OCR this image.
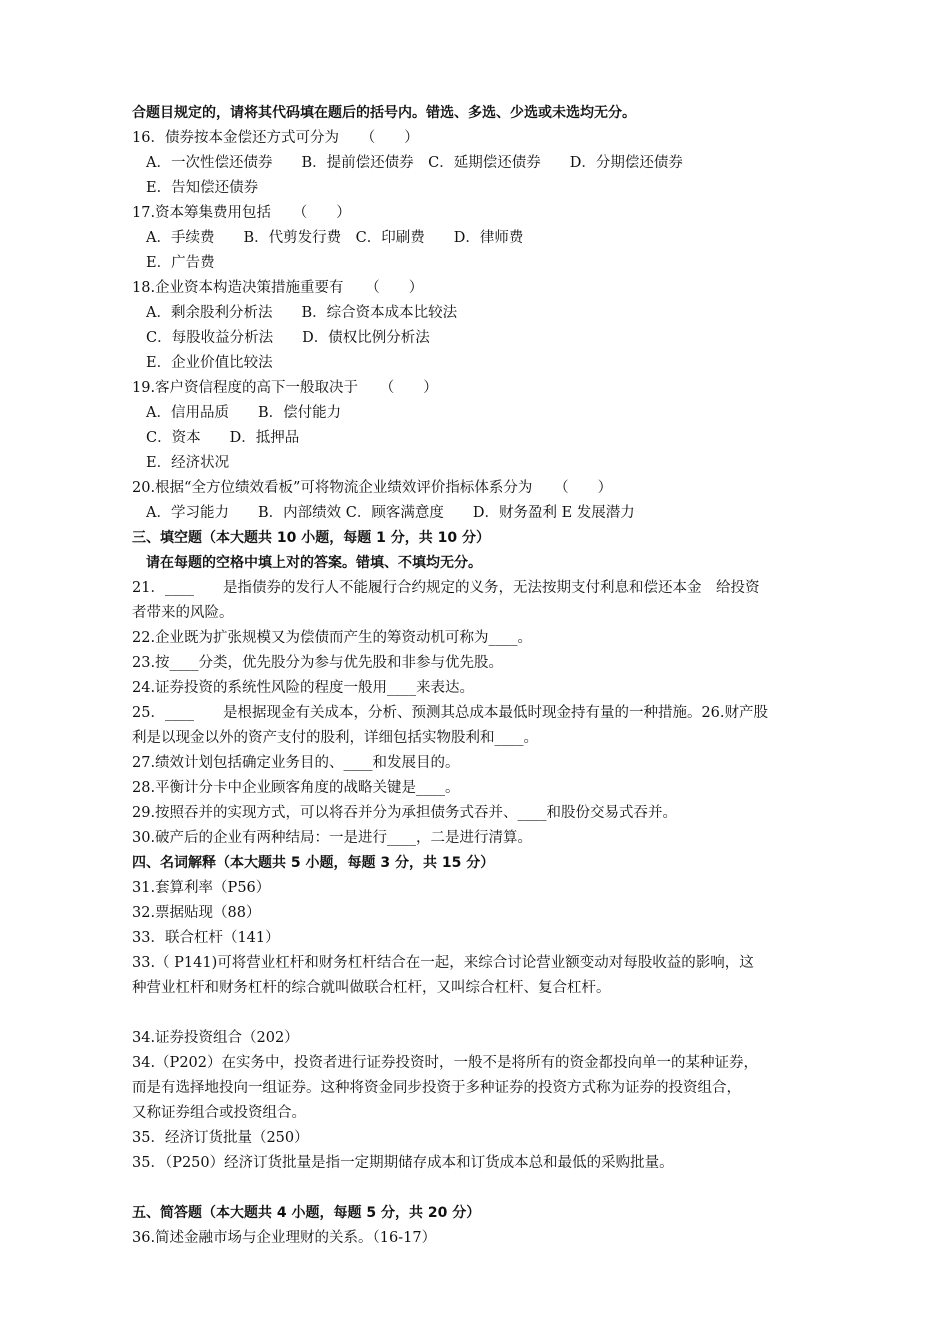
合题目规定的，请将其代码填在题后的括号内。错选、多选、少选或未选均无分。
16．债券按本金偿还方式可分为　　（　　）
A．一次性偿还债券　　B．提前偿还债券　C．延期偿还债券　　D．分期偿还债券
E．告知偿还债券
17.资本筹集费用包括　　（　　）
A．手续费　　B．代剪发行费　C．印刷费　　D．律师费
E．广告费
18.企业资本构造决策措施重要有　　（　　）
A．剩余股利分析法　　B．综合资本成本比较法
C．每股收益分析法　　D．债权比例分析法
E．企业价值比较法
19.客户资信程度的高下一般取决于　　（　　）
A．信用品质　　B．偿付能力
C．资本　　D．抵押品
E．经济状况
20.根据“全方位绩效看板”可将物流企业绩效评价指标体系分为　　（　　）
A．学习能力　　B．内部绩效 C．顾客满意度　　D．财务盈利 E 发展潜力
三、填空题（本大题共 10 小题，每题 1 分，共 10 分）
请在每题的空格中填上对的答案。错填、不填均无分。
21．____　　是指债券的发行人不能履行合约规定的义务，无法按期支付利息和偿还本金　给投资
者带来的风险。
22.企业既为扩张规模又为偿债而产生的筹资动机可称为____。
23.按____分类，优先股分为参与优先股和非参与优先股。
24.证券投资的系统性风险的程度一般用____来表达。
25．____　　是根据现金有关成本，分析、预测其总成本最低时现金持有量的一种措施。26.财产股
利是以现金以外的资产支付的股利，详细包括实物股利和____。
27.绩效计划包括确定业务目的、____和发展目的。
28.平衡计分卡中企业顾客角度的战略关键是____。
29.按照吞并的实现方式，可以将吞并分为承担债务式吞并、____和股份交易式吞并。
30.破产后的企业有两种结局：一是进行____，二是进行清算。
四、名词解释（本大题共 5 小题，每题 3 分，共 15 分）
31.套算利率（P56）
32.票据贴现（88）
33．联合杠杆（141）
33.（ P141)可将营业杠杆和财务杠杆结合在一起，来综合讨论营业额变动对每股收益的影响，这
种营业杠杆和财务杠杆的综合就叫做联合杠杆，又叫综合杠杆、复合杠杆。
34.证券投资组合（202）
34.（P202）在实务中，投资者进行证券投资时，一般不是将所有的资金都投向单一的某种证券，
而是有选择地投向一组证券。这种将资金同步投资于多种证券的投资方式称为证券的投资组合，
又称证券组合或投资组合。
35．经济订货批量（250）
35．（P250）经济订货批量是指一定期期储存成本和订货成本总和最低的采购批量。
五、简答题（本大题共 4 小题，每题 5 分，共 20 分）
36.简述金融市场与企业理财的关系。（16-17）
